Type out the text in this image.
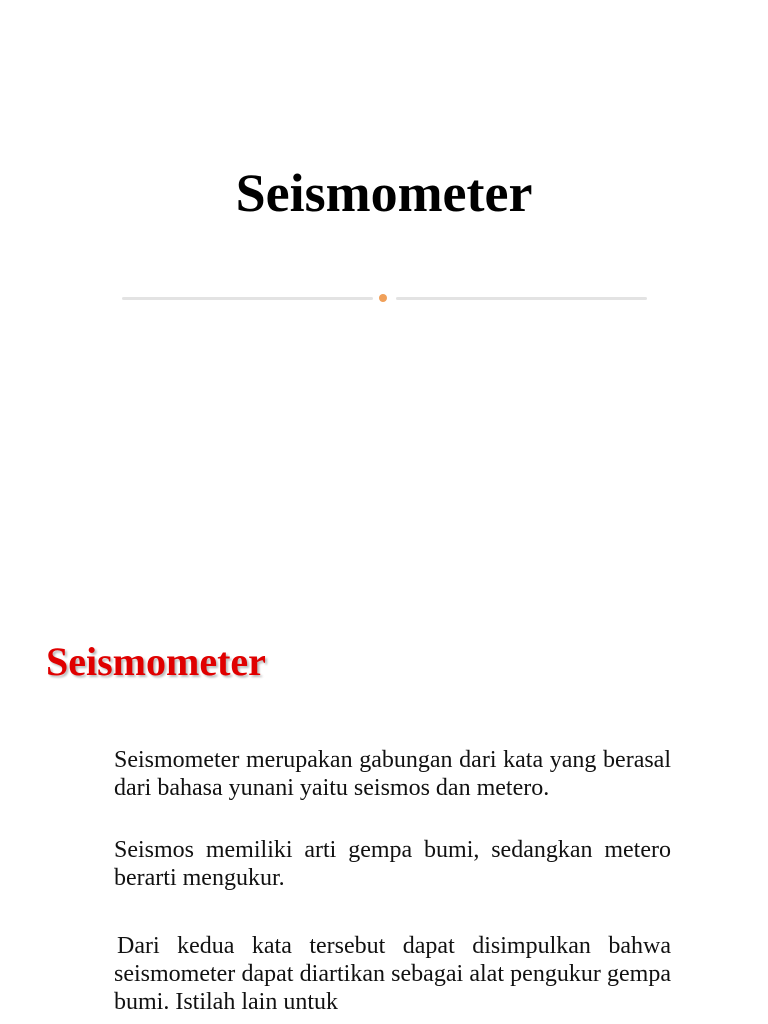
Seismometer
Seismometer

Seismometer merupakan gabungan dari kata yang berasal dari bahasa yunani yaitu seismos dan metero.

Seismos memiliki arti gempa bumi, sedangkan metero berarti mengukur.

Dari kedua kata tersebut dapat disimpulkan bahwa seismometer dapat diartikan sebagai alat pengukur gempa bumi. Istilah lain untuk
